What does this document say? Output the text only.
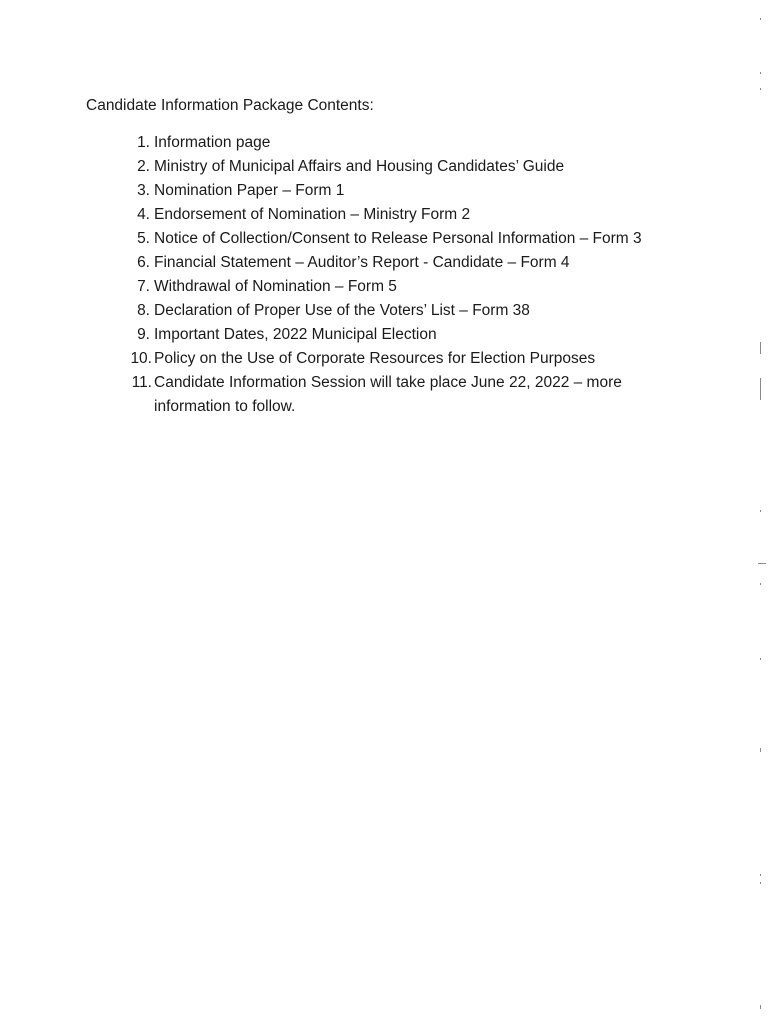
Candidate Information Package Contents:
1. Information page
2. Ministry of Municipal Affairs and Housing Candidates’ Guide
3. Nomination Paper – Form 1
4. Endorsement of Nomination – Ministry Form 2
5. Notice of Collection/Consent to Release Personal Information – Form 3
6. Financial Statement – Auditor’s Report - Candidate – Form 4
7. Withdrawal of Nomination – Form 5
8. Declaration of Proper Use of the Voters’ List – Form 38
9. Important Dates, 2022 Municipal Election
10. Policy on the Use of Corporate Resources for Election Purposes
11. Candidate Information Session will take place June 22, 2022 – more information to follow.
